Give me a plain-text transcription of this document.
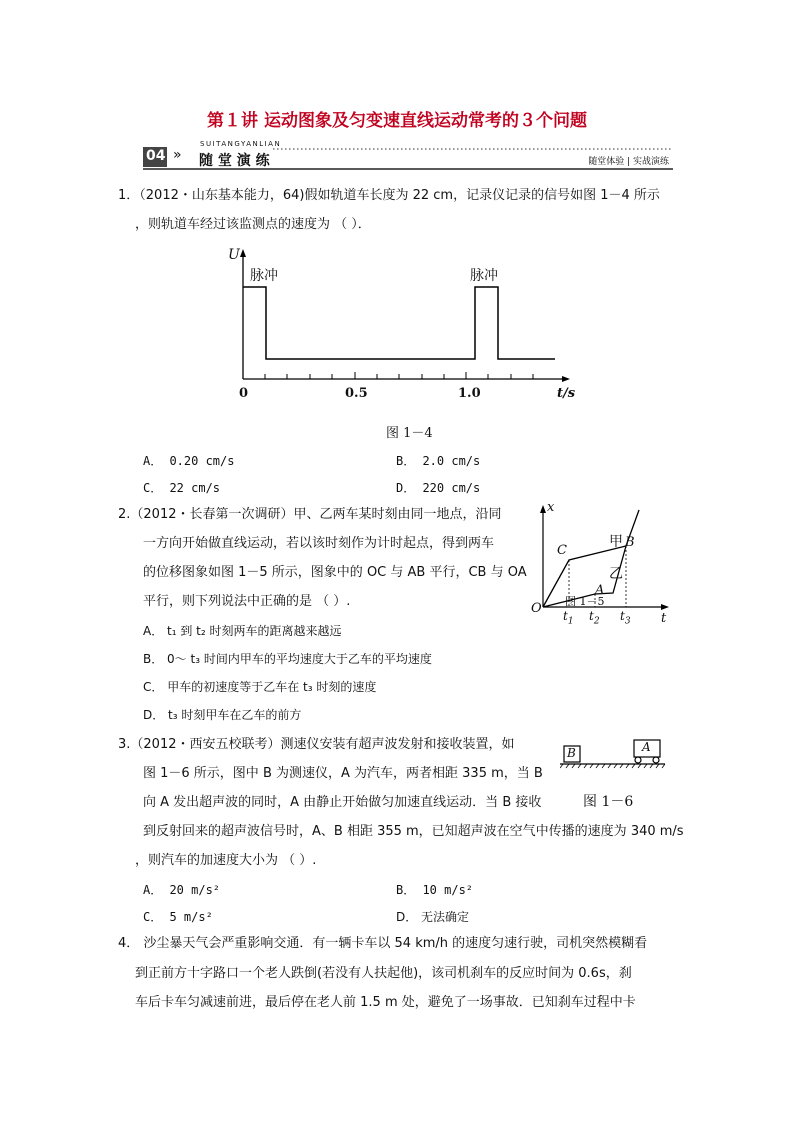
第１讲 运动图象及匀变速直线运动常考的３个问题
04 »
SUITANGYANLIAN
随 堂 演 练	随堂体验 | 实战演练
1．（2012・山东基本能力，64)假如轨道车长度为 22 cm，记录仪记录的信号如图 1－4 所示
，则轨道车经过该监测点的速度为 （ ）．
U
脉冲	脉冲
0	0.5	1.0	t/s
图 1－4
A． 0.20 cm/s	B． 2.0 cm/s
C． 22 cm/s	D． 220 cm/s
2.（2012・长春第一次调研）甲、乙两车某时刻由同一地点，沿同
一方向开始做直线运动，若以该时刻作为计时起点，得到两车
的位移图象如图 1－5 所示，图象中的 OC 与 AB 平行，CB 与 OA
平行，则下列说法中正确的是 （ ）.
x
甲
乙
C
B
A
O 图 1－5
$t_1$ $t_2$ $t_3$ t
A． t₁ 到 t₂ 时刻两车的距离越来越远
B． 0～ t₃ 时间内甲车的平均速度大于乙车的平均速度
C． 甲车的初速度等于乙车在 t₃ 时刻的速度
D． t₃ 时刻甲车在乙车的前方
3.（2012・西安五校联考）测速仪安装有超声波发射和接收装置，如
图 1－6 所示，图中 B 为测速仪，A 为汽车，两者相距 335 m，当 B
向 A 发出超声波的同时，A 由静止开始做匀加速直线运动．当 B 接收
到反射回来的超声波信号时，A、B 相距 355 m，已知超声波在空气中传播的速度为 340 m/s
，则汽车的加速度大小为 （ ）.
B	A
图 1－6
A． 20 m/s²	B． 10 m/s²
C． 5 m/s²	D． 无法确定
4． 沙尘暴天气会严重影响交通．有一辆卡车以 54 km/h 的速度匀速行驶，司机突然模糊看
到正前方十字路口一个老人跌倒(若没有人扶起他)，该司机刹车的反应时间为 0.6s，刹
车后卡车匀减速前进，最后停在老人前 1.5 m 处，避免了一场事故．已知刹车过程中卡
